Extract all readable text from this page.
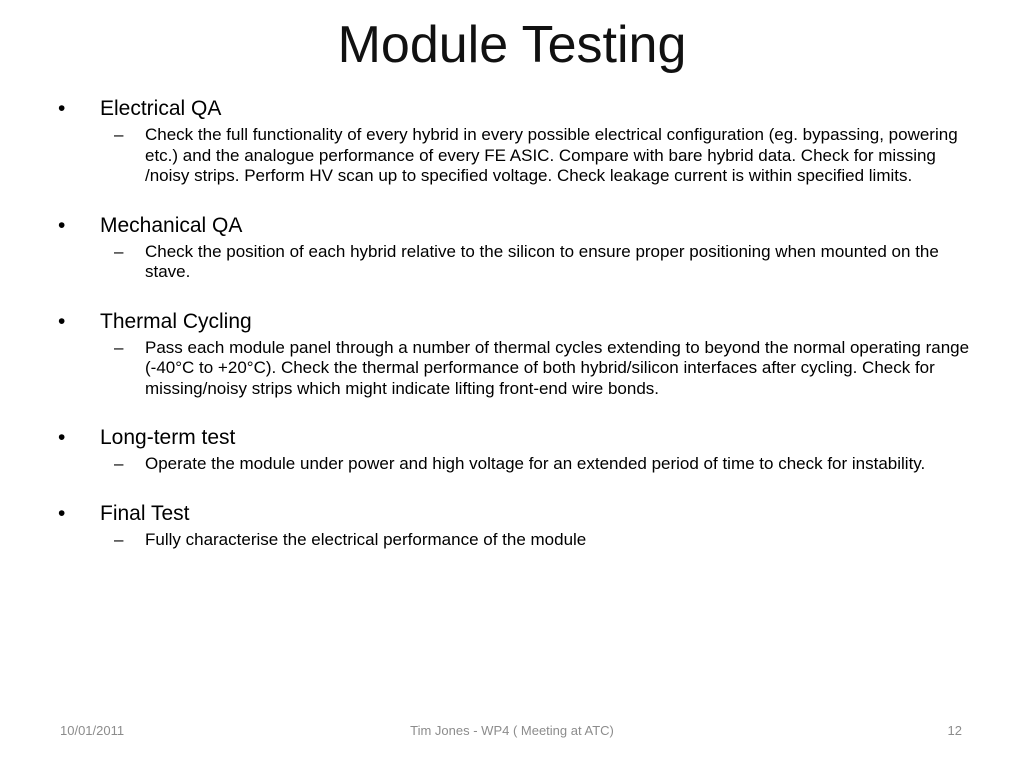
Module Testing
•	Electrical QA
– Check the full functionality of every hybrid in every possible electrical configuration (eg. bypassing, powering etc.) and the analogue performance of every FE ASIC. Compare with bare hybrid data. Check for missing /noisy strips. Perform HV scan up to specified voltage. Check leakage current is within specified limits.
•	Mechanical QA
– Check the position of each hybrid relative to the silicon to ensure proper positioning when mounted on the stave.
•	Thermal Cycling
– Pass each module panel through a number of thermal cycles extending to beyond the normal operating range (-40°C to +20°C). Check the thermal performance of both hybrid/silicon interfaces after cycling. Check for missing/noisy strips which might indicate lifting front-end wire bonds.
•	Long-term test
– Operate the module under power and high voltage for an extended period of time to check for instability.
•	Final Test
– Fully characterise the electrical performance of the module
10/01/2011	Tim Jones - WP4 ( Meeting at ATC)	12
